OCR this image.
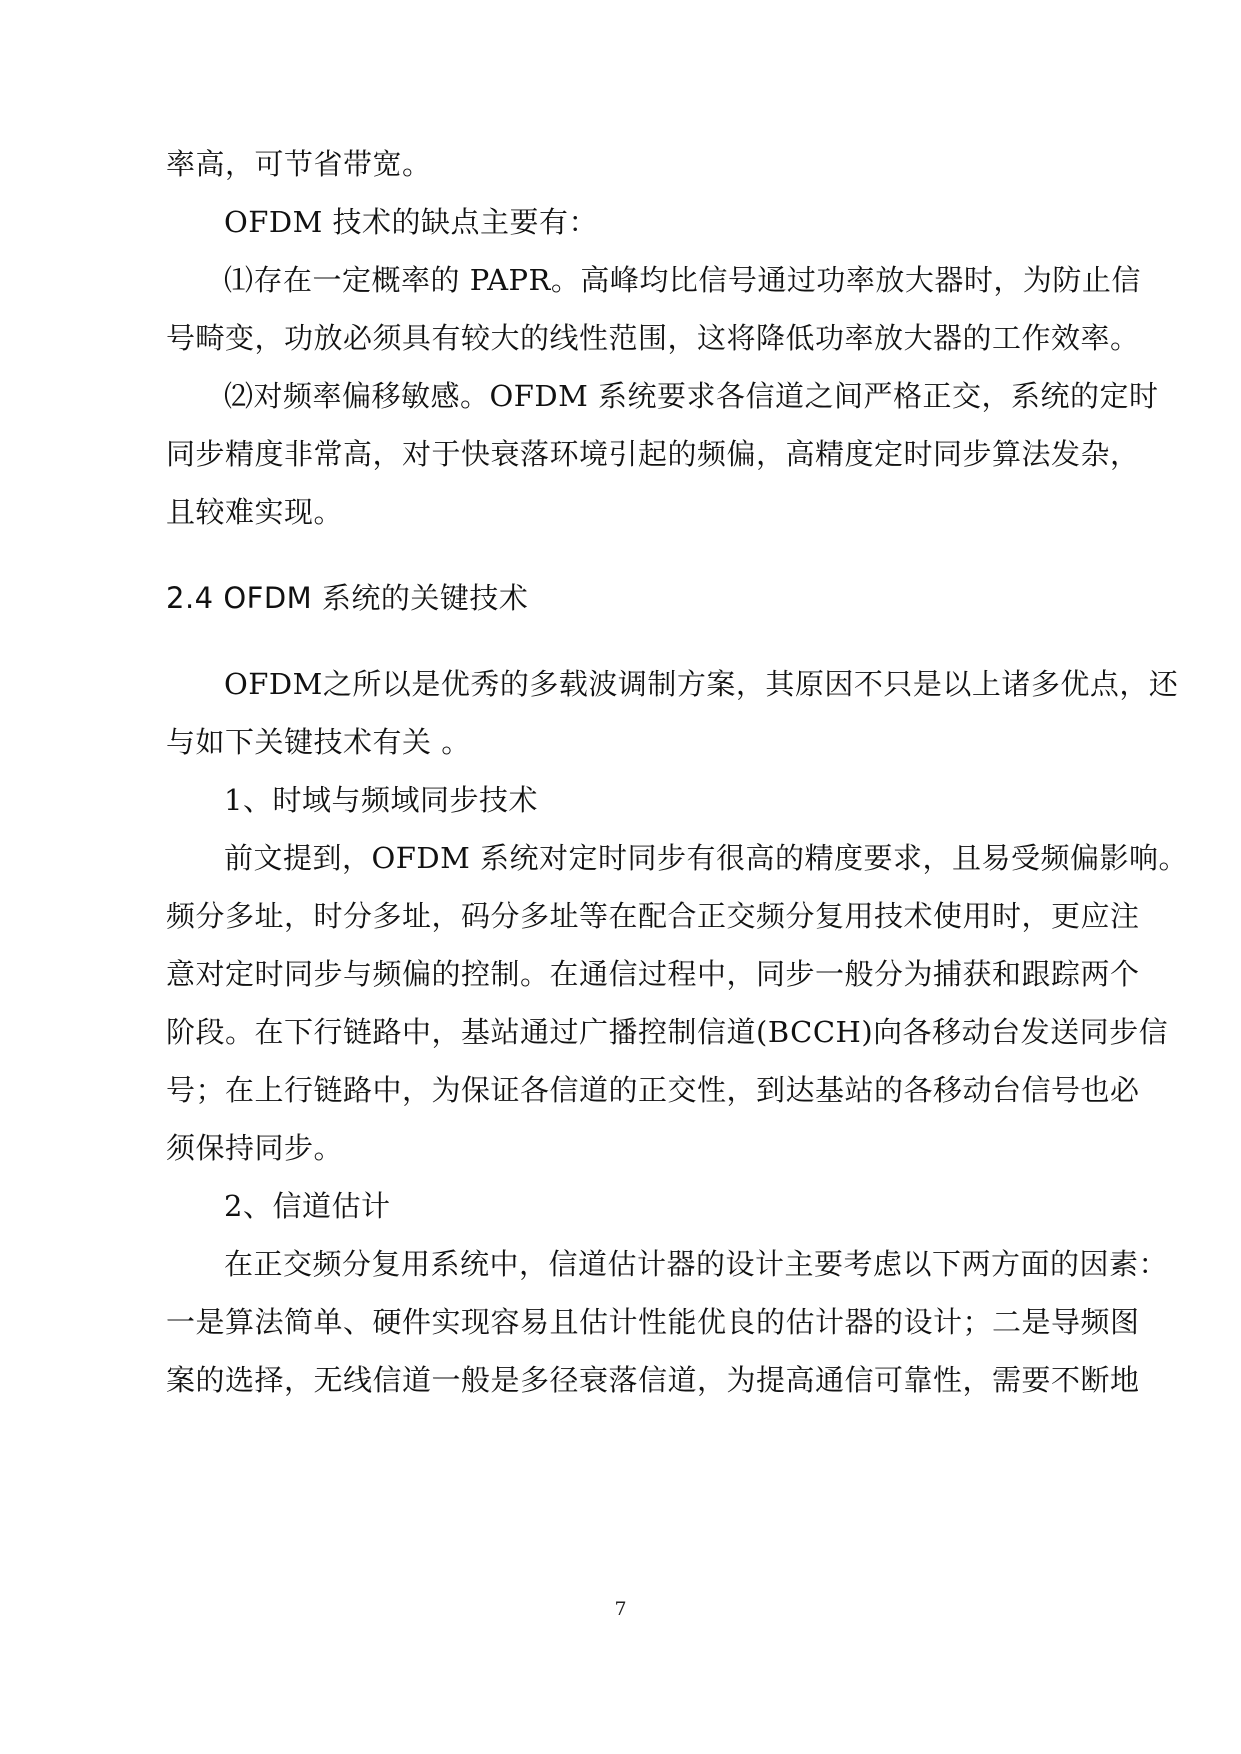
率高，可节省带宽。
OFDM 技术的缺点主要有：
⑴存在一定概率的 PAPR。高峰均比信号通过功率放大器时，为防止信
号畸变，功放必须具有较大的线性范围，这将降低功率放大器的工作效率。
⑵对频率偏移敏感。OFDM 系统要求各信道之间严格正交，系统的定时
同步精度非常高，对于快衰落环境引起的频偏，高精度定时同步算法发杂，
且较难实现。
2.4 OFDM 系统的关键技术
OFDM之所以是优秀的多载波调制方案，其原因不只是以上诸多优点，还
与如下关键技术有关 。
1、时域与频域同步技术
前文提到，OFDM 系统对定时同步有很高的精度要求，且易受频偏影响。
频分多址，时分多址，码分多址等在配合正交频分复用技术使用时，更应注
意对定时同步与频偏的控制。在通信过程中，同步一般分为捕获和跟踪两个
阶段。在下行链路中，基站通过广播控制信道(BCCH)向各移动台发送同步信
号；在上行链路中，为保证各信道的正交性，到达基站的各移动台信号也必
须保持同步。
2、信道估计
在正交频分复用系统中，信道估计器的设计主要考虑以下两方面的因素：
一是算法简单、硬件实现容易且估计性能优良的估计器的设计；二是导频图
案的选择，无线信道一般是多径衰落信道，为提高通信可靠性，需要不断地
7
